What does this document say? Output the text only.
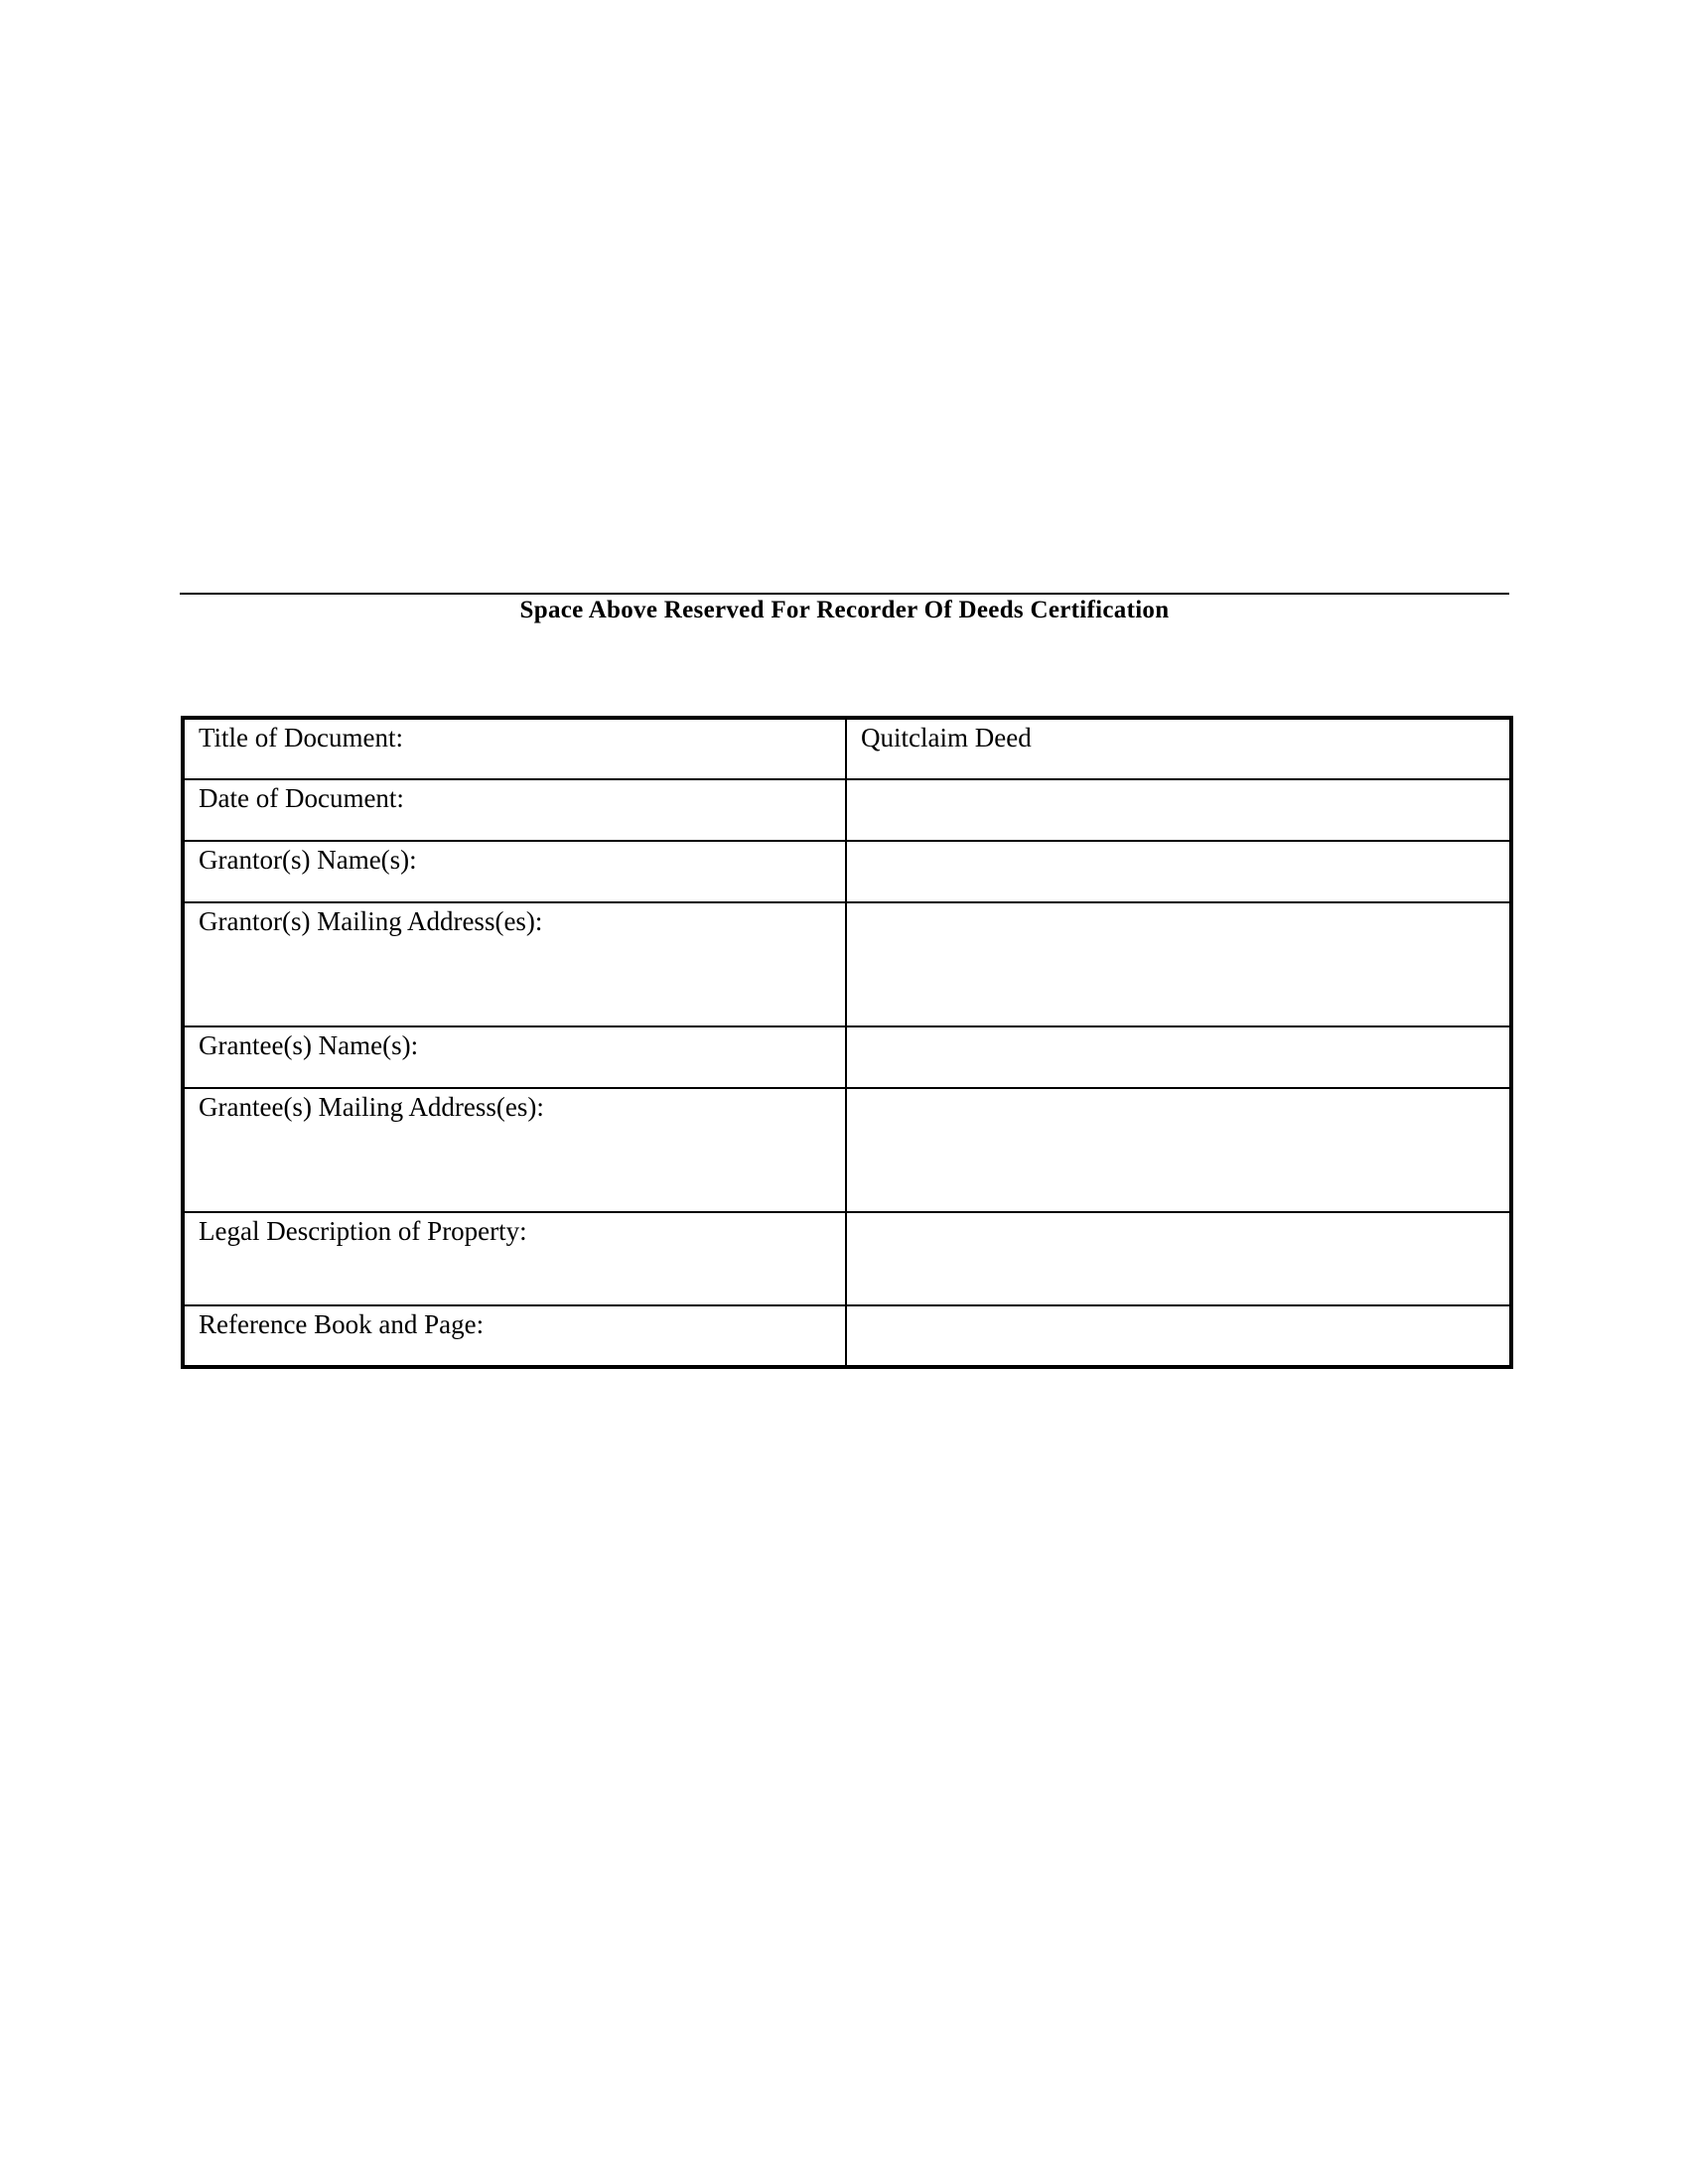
Space Above Reserved For Recorder Of Deeds Certification
Title of Document:	Quitclaim Deed
Date of Document:	
Grantor(s) Name(s):	
Grantor(s) Mailing Address(es):	
Grantee(s) Name(s):	
Grantee(s) Mailing Address(es):	
Legal Description of Property:	
Reference Book and Page:	
